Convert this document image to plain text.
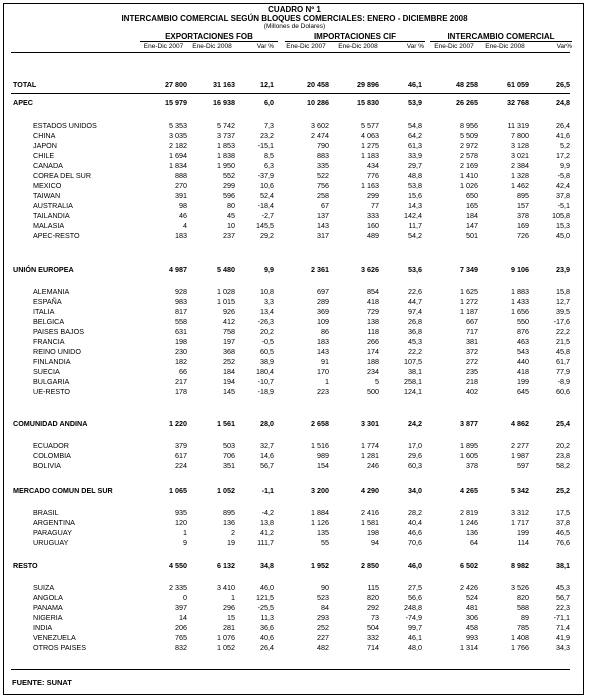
CUADRO Nº 1
INTERCAMBIO COMERCIAL SEGÚN BLOQUES COMERCIALES: ENERO - DICIEMBRE 2008
(Millones de Dolares)
EXPORTACIONES FOB	IMPORTACIONES CIF	INTERCAMBIO COMERCIAL
Ene-Dic 2007	Ene-Dic 2008	Var %	Ene-Dic 2007	Ene-Dic 2008	Var %	Ene-Dic 2007	Ene-Dic 2008	Var%
TOTAL	27 800	31 163	12,1	20 458	29 896	46,1	48 258	61 059	26,5
APEC	15 979	16 938	6,0	10 286	15 830	53,9	26 265	32 768	24,8
ESTADOS UNIDOS	5 353	5 742	7,3	3 602	5 577	54,8	8 956	11 319	26,4
CHINA	3 035	3 737	23,2	2 474	4 063	64,2	5 509	7 800	41,6
JAPON	2 182	1 853	-15,1	790	1 275	61,3	2 972	3 128	5,2
CHILE	1 694	1 838	8,5	883	1 183	33,9	2 578	3 021	17,2
CANADA	1 834	1 950	6,3	335	434	29,7	2 169	2 384	9,9
COREA DEL SUR	888	552	-37,9	522	776	48,8	1 410	1 328	-5,8
MEXICO	270	299	10,6	756	1 163	53,8	1 026	1 462	42,4
TAIWAN	391	596	52,4	258	299	15,6	650	895	37,8
AUSTRALIA	98	80	-18,4	67	77	14,3	165	157	-5,1
TAILANDIA	46	45	-2,7	137	333	142,4	184	378	105,8
MALASIA	4	10	145,5	143	160	11,7	147	169	15,3
APEC-RESTO	183	237	29,2	317	489	54,2	501	726	45,0
UNIÓN EUROPEA	4 987	5 480	9,9	2 361	3 626	53,6	7 349	9 106	23,9
ALEMANIA	928	1 028	10,8	697	854	22,6	1 625	1 883	15,8
ESPAÑA	983	1 015	3,3	289	418	44,7	1 272	1 433	12,7
ITALIA	817	926	13,4	369	729	97,4	1 187	1 656	39,5
BELGICA	558	412	-26,3	109	138	26,8	667	550	-17,6
PAISES BAJOS	631	758	20,2	86	118	36,8	717	876	22,2
FRANCIA	198	197	-0,5	183	266	45,3	381	463	21,5
REINO UNIDO	230	368	60,5	143	174	22,2	372	543	45,8
FINLANDIA	182	252	38,9	91	188	107,5	272	440	61,7
SUECIA	66	184	180,4	170	234	38,1	235	418	77,9
BULGARIA	217	194	-10,7	1	5	258,1	218	199	-8,9
UE-RESTO	178	145	-18,9	223	500	124,1	402	645	60,6
COMUNIDAD ANDINA	1 220	1 561	28,0	2 658	3 301	24,2	3 877	4 862	25,4
ECUADOR	379	503	32,7	1 516	1 774	17,0	1 895	2 277	20,2
COLOMBIA	617	706	14,6	989	1 281	29,6	1 605	1 987	23,8
BOLIVIA	224	351	56,7	154	246	60,3	378	597	58,2
MERCADO COMUN DEL SUR	1 065	1 052	-1,1	3 200	4 290	34,0	4 265	5 342	25,2
BRASIL	935	895	-4,2	1 884	2 416	28,2	2 819	3 312	17,5
ARGENTINA	120	136	13,8	1 126	1 581	40,4	1 246	1 717	37,8
PARAGUAY	1	2	41,2	135	198	46,6	136	199	46,5
URUGUAY	9	19	111,7	55	94	70,6	64	114	76,6
RESTO	4 550	6 132	34,8	1 952	2 850	46,0	6 502	8 982	38,1
SUIZA	2 335	3 410	46,0	90	115	27,5	2 426	3 526	45,3
ANGOLA	0	1	121,5	523	820	56,6	524	820	56,7
PANAMA	397	296	-25,5	84	292	248,8	481	588	22,3
NIGERIA	14	15	11,3	293	73	-74,9	306	89	-71,1
INDIA	206	281	36,6	252	504	99,7	458	785	71,4
VENEZUELA	765	1 076	40,6	227	332	46,1	993	1 408	41,9
OTROS PAISES	832	1 052	26,4	482	714	48,0	1 314	1 766	34,3
FUENTE: SUNAT
